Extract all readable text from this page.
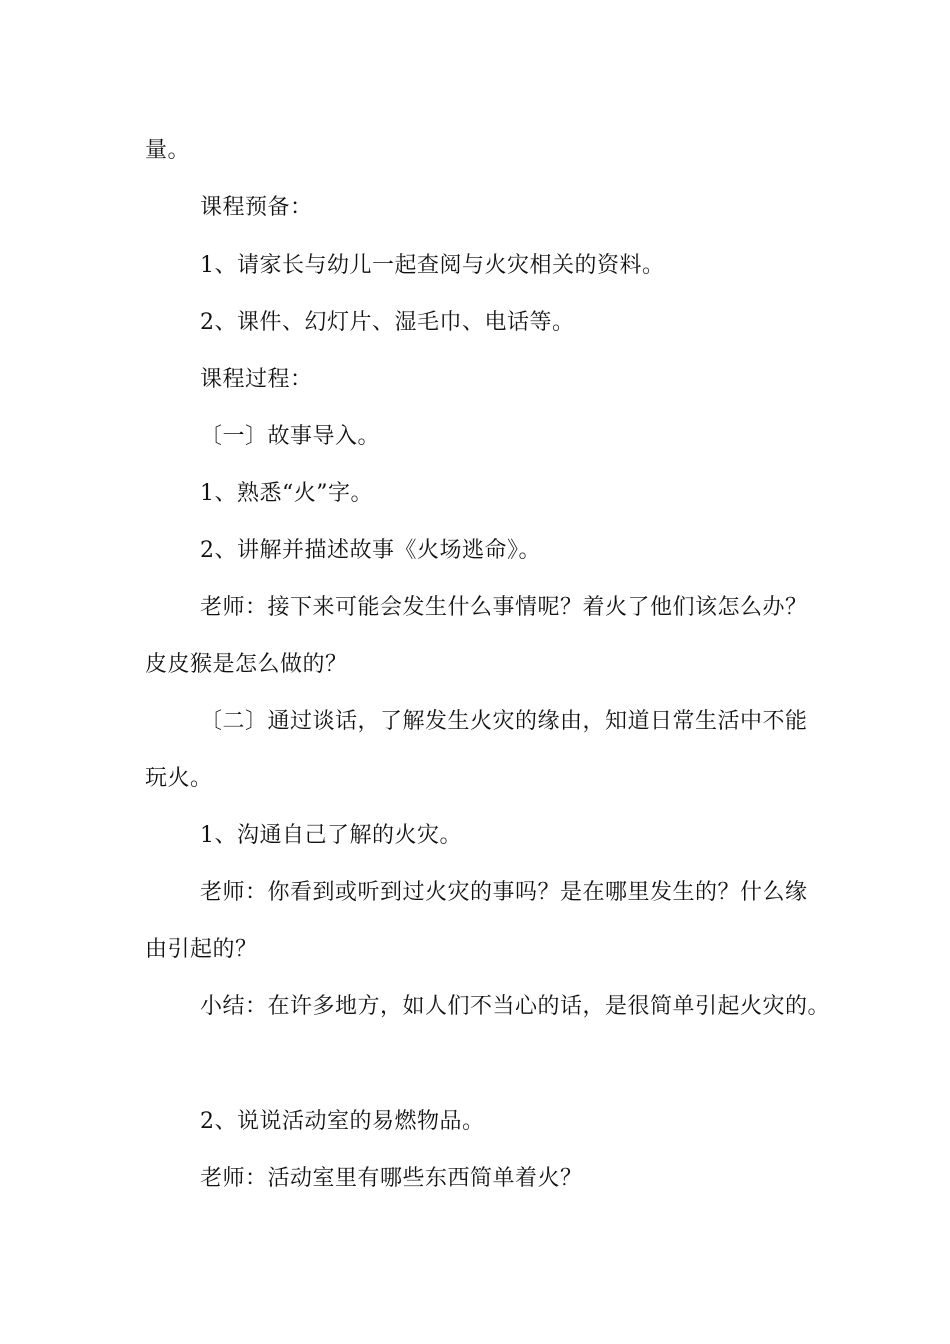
量。
课程预备：
1、请家长与幼儿一起查阅与火灾相关的资料。
2、课件、幻灯片、湿毛巾、电话等。
课程过程：
〔一〕故事导入。
1、熟悉“火”字。
2、讲解并描述故事《火场逃命》。
老师：接下来可能会发生什么事情呢？着火了他们该怎么办？
皮皮猴是怎么做的？
〔二〕通过谈话，了解发生火灾的缘由，知道日常生活中不能
玩火。
1、沟通自己了解的火灾。
老师：你看到或听到过火灾的事吗？是在哪里发生的？什么缘
由引起的？
小结：在许多地方，如人们不当心的话，是很简单引起火灾的。
2、说说活动室的易燃物品。
老师：活动室里有哪些东西简单着火？
